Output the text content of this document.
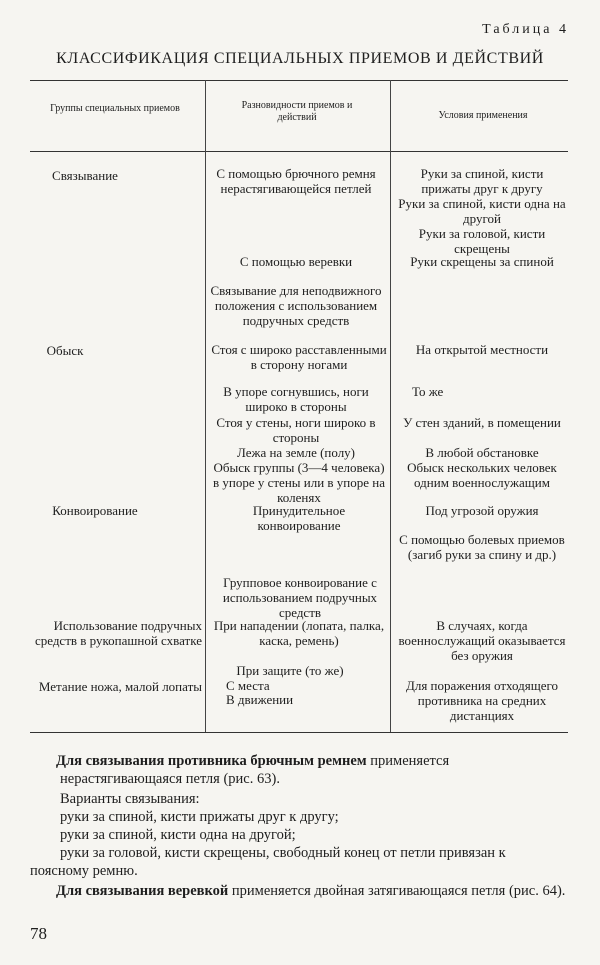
Таблица 4
КЛАССИФИКАЦИЯ СПЕЦИАЛЬНЫХ ПРИЕМОВ И ДЕЙСТВИЙ
Группы специальных приемов	Разновидности приемов и действий	Условия применения
Связывание
Обыск
Конвоирование
Использование подручных средств в рукопашной схватке
Метание ножа, малой лопаты
С помощью брючного ремня нерастягивающейся петлей
С помощью веревки
Связывание для неподвижного положения с использованием подручных средств
Стоя с широко расставленными в сторону ногами
В упоре согнувшись, ноги широко в стороны
Стоя у стены, ноги широко в стороны
Лежа на земле (полу)
Обыск группы (3—4 человека) в упоре у стены или в упоре на коленях
Принудительное конвоирование
Групповое конвоирование с использованием подручных средств
При нападении (лопата, палка, каска, ремень)
При защите (то же)
С места
В движении
Руки за спиной, кисти прижаты друг к другу
Руки за спиной, кисти одна на другой
Руки за головой, кисти скрещены
Руки скрещены за спиной
На открытой местности
То же
У стен зданий, в помещении
В любой обстановке
Обыск нескольких человек одним военнослужащим
Под угрозой оружия
С помощью болевых приемов (загиб руки за спину и др.)
В случаях, когда военнослужащий оказывается без оружия
Для поражения отходящего противника на средних дистанциях
Для связывания противника брючным ремнем применяется нерастягивающаяся петля (рис. 63).
Варианты связывания:
руки за спиной, кисти прижаты друг к другу;
руки за спиной, кисти одна на другой;
руки за головой, кисти скрещены, свободный конец от петли привязан к поясному ремню.
Для связывания веревкой применяется двойная затягивающаяся петля (рис. 64).
78
